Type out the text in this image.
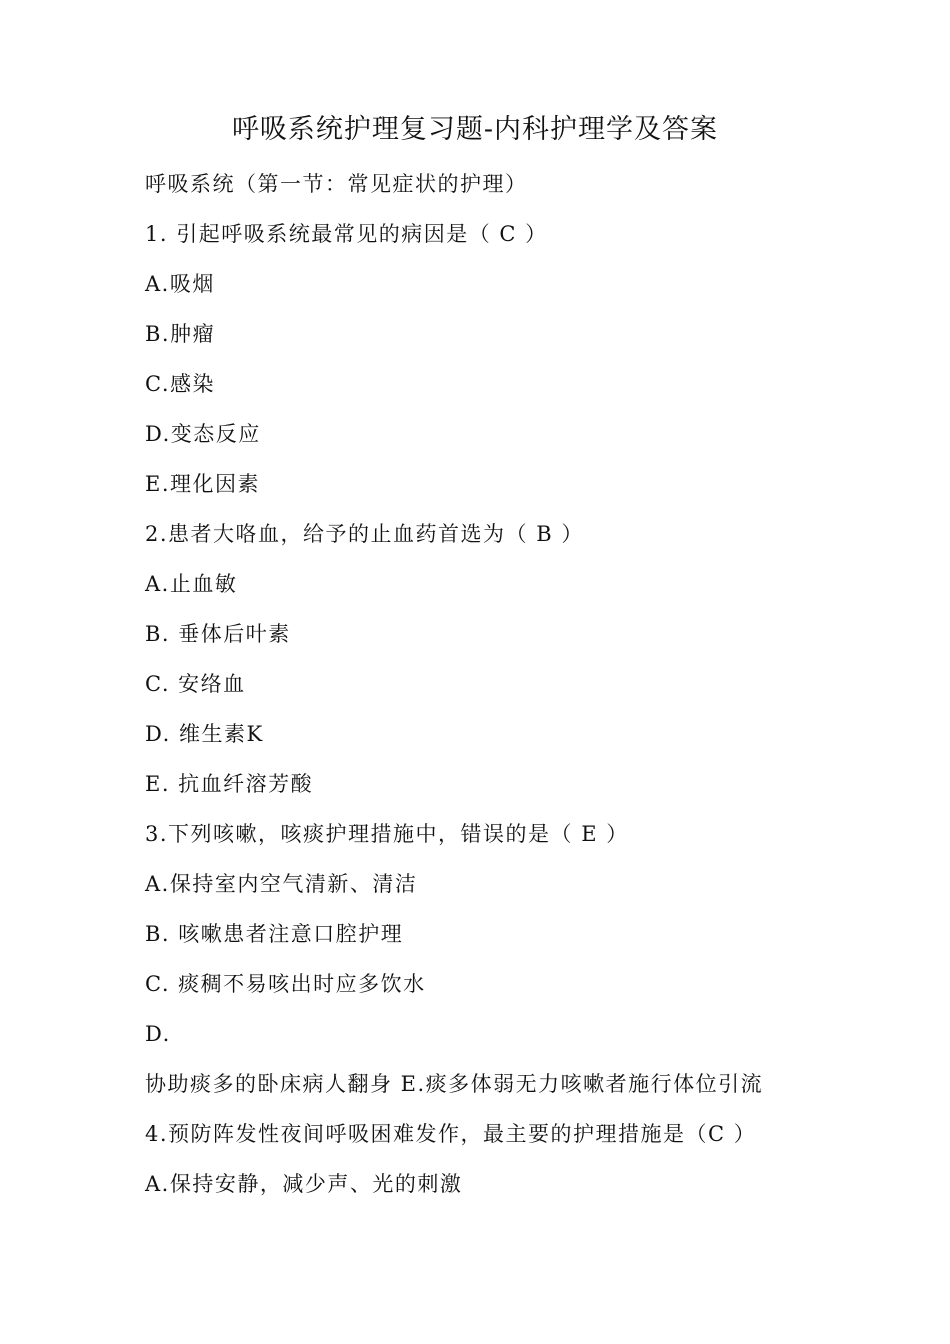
呼吸系统护理复习题-内科护理学及答案
呼吸系统（第一节：常见症状的护理）
1. 引起呼吸系统最常见的病因是（ C ）
A.吸烟
B.肿瘤
C.感染
D.变态反应
E.理化因素
2.患者大咯血，给予的止血药首选为（ B ）
A.止血敏
B. 垂体后叶素
C. 安络血
D. 维生素K
E. 抗血纤溶芳酸
3.下列咳嗽，咳痰护理措施中，错误的是（ E ）
A.保持室内空气清新、清洁
B. 咳嗽患者注意口腔护理
C. 痰稠不易咳出时应多饮水
D.
协助痰多的卧床病人翻身 E.痰多体弱无力咳嗽者施行体位引流
4.预防阵发性夜间呼吸困难发作，最主要的护理措施是（C ）
A.保持安静，减少声、光的刺激
